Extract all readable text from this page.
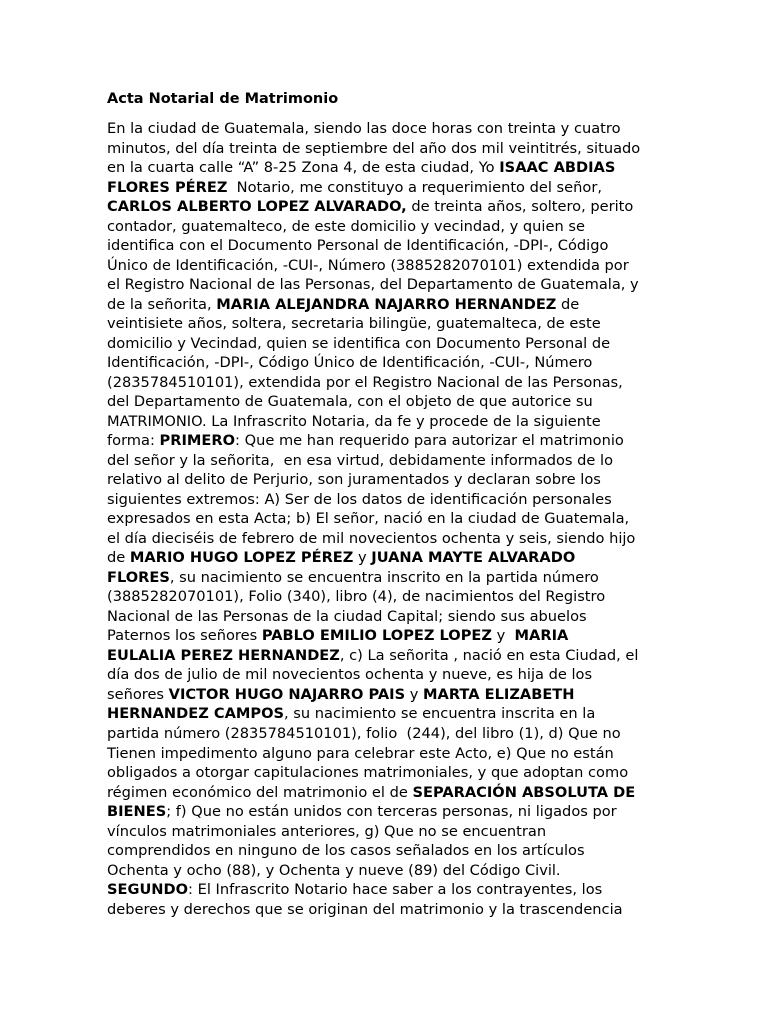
Acta Notarial de Matrimonio
En la ciudad de Guatemala, siendo las doce horas con treinta y cuatro
minutos, del día treinta de septiembre del año dos mil veintitrés, situado
en la cuarta calle “A” 8-25 Zona 4, de esta ciudad, Yo ISAAC ABDIAS
FLORES PÉREZ  Notario, me constituyo a requerimiento del señor,
CARLOS ALBERTO LOPEZ ALVARADO, de treinta años, soltero, perito
contador, guatemalteco, de este domicilio y vecindad, y quien se
identifica con el Documento Personal de Identificación, -DPI-, Código
Único de Identificación, -CUI-, Número (3885282070101) extendida por
el Registro Nacional de las Personas, del Departamento de Guatemala, y
de la señorita, MARIA ALEJANDRA NAJARRO HERNANDEZ de
veintisiete años, soltera, secretaria bilingüe, guatemalteca, de este
domicilio y Vecindad, quien se identifica con Documento Personal de
Identificación, -DPI-, Código Único de Identificación, -CUI-, Número
(2835784510101), extendida por el Registro Nacional de las Personas,
del Departamento de Guatemala, con el objeto de que autorice su
MATRIMONIO. La Infrascrito Notaria, da fe y procede de la siguiente
forma: PRIMERO: Que me han requerido para autorizar el matrimonio
del señor y la señorita,  en esa virtud, debidamente informados de lo
relativo al delito de Perjurio, son juramentados y declaran sobre los
siguientes extremos: A) Ser de los datos de identificación personales
expresados en esta Acta; b) El señor, nació en la ciudad de Guatemala,
el día dieciséis de febrero de mil novecientos ochenta y seis, siendo hijo
de MARIO HUGO LOPEZ PÉREZ y JUANA MAYTE ALVARADO
FLORES, su nacimiento se encuentra inscrito en la partida número
(3885282070101), Folio (340), libro (4), de nacimientos del Registro
Nacional de las Personas de la ciudad Capital; siendo sus abuelos
Paternos los señores PABLO EMILIO LOPEZ LOPEZ y  MARIA
EULALIA PEREZ HERNANDEZ, c) La señorita , nació en esta Ciudad, el
día dos de julio de mil novecientos ochenta y nueve, es hija de los
señores VICTOR HUGO NAJARRO PAIS y MARTA ELIZABETH
HERNANDEZ CAMPOS, su nacimiento se encuentra inscrita en la
partida número (2835784510101), folio  (244), del libro (1), d) Que no
Tienen impedimento alguno para celebrar este Acto, e) Que no están
obligados a otorgar capitulaciones matrimoniales, y que adoptan como
régimen económico del matrimonio el de SEPARACIÓN ABSOLUTA DE
BIENES; f) Que no están unidos con terceras personas, ni ligados por
vínculos matrimoniales anteriores, g) Que no se encuentran
comprendidos en ninguno de los casos señalados en los artículos
Ochenta y ocho (88), y Ochenta y nueve (89) del Código Civil.
SEGUNDO: El Infrascrito Notario hace saber a los contrayentes, los
deberes y derechos que se originan del matrimonio y la trascendencia
